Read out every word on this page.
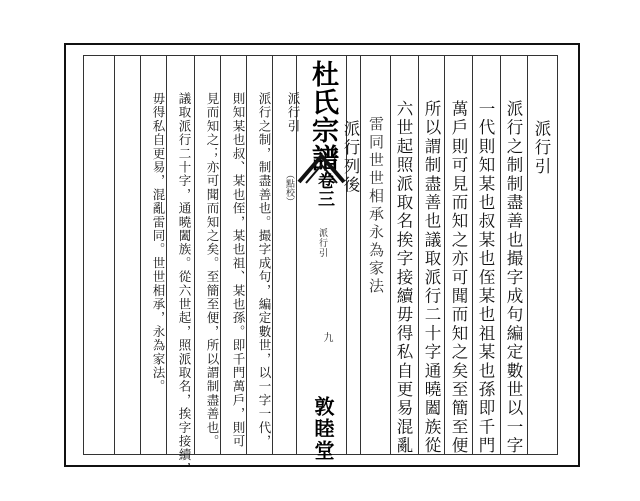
派行引
派行之制，制盡善也。撮字成句，編定數世，以一字一代，
則知某也叔、某也侄，某也祖、某也孫。即千門萬戶，則可
見而知之；亦可聞而知之矣。至簡至便，所以謂制盡善也。
議取派行二十字，通曉闔族。從六世起，照派取名，挨字接續，
毋得私自更易，混亂雷同。世世相承，永為家法。	杜氏宗譜
卷三
（點校）
派行引
九
敦睦堂
派行引
派行之制制盡善也撮字成句編定數世以一字
一代則知某也叔某也侄某也祖某也孫即千門
萬戶則可見而知之亦可聞而知之矣至簡至便
所以謂制盡善也議取派行二十字通曉闔族從
六世起照派取名挨字接續毋得私自更易混亂
雷同世世相承永為家法
派行列後
